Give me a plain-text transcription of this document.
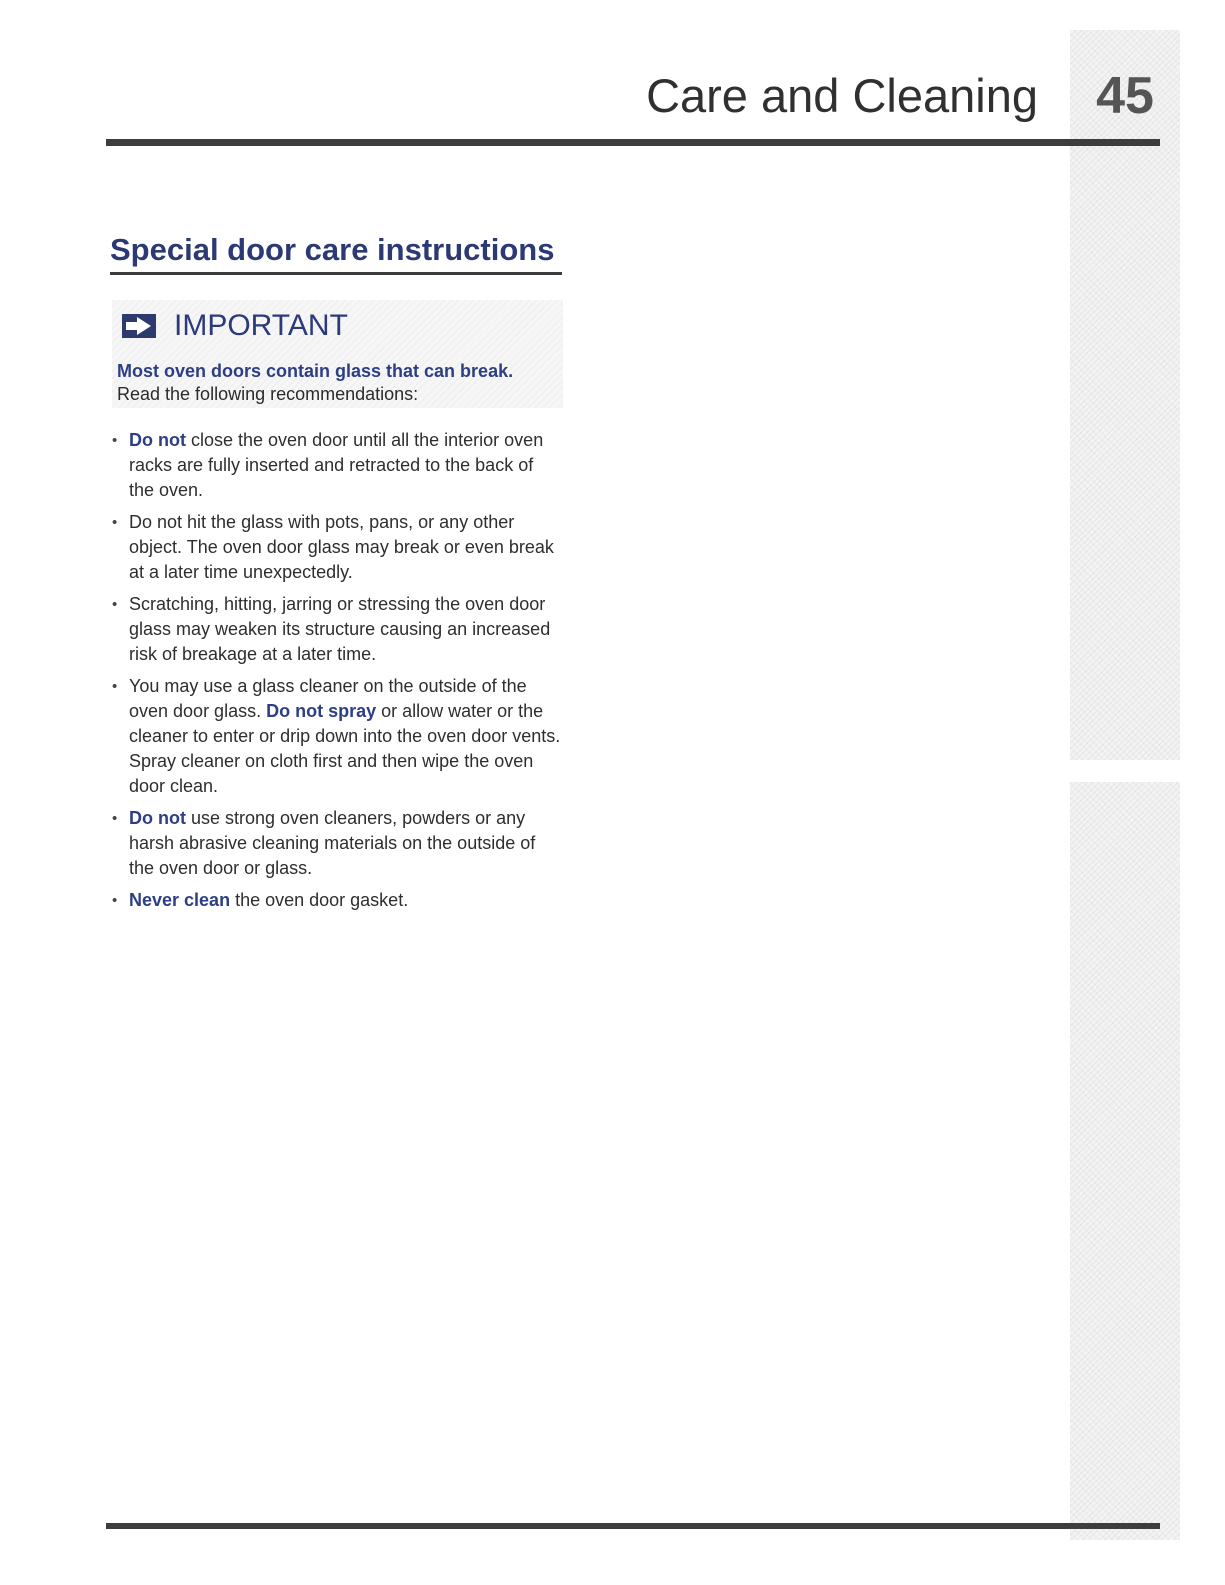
Care and Cleaning	45
Special door care instructions
IMPORTANT
Most oven doors contain glass that can break. Read the following recommendations:
• Do not close the oven door until all the interior oven racks are fully inserted and retracted to the back of the oven.
• Do not hit the glass with pots, pans, or any other object. The oven door glass may break or even break at a later time unexpectedly.
• Scratching, hitting, jarring or stressing the oven door glass may weaken its structure causing an increased risk of breakage at a later time.
• You may use a glass cleaner on the outside of the oven door glass. Do not spray or allow water or the cleaner to enter or drip down into the oven door vents. Spray cleaner on cloth first and then wipe the oven door clean.
• Do not use strong oven cleaners, powders or any harsh abrasive cleaning materials on the outside of the oven door or glass.
• Never clean the oven door gasket.
